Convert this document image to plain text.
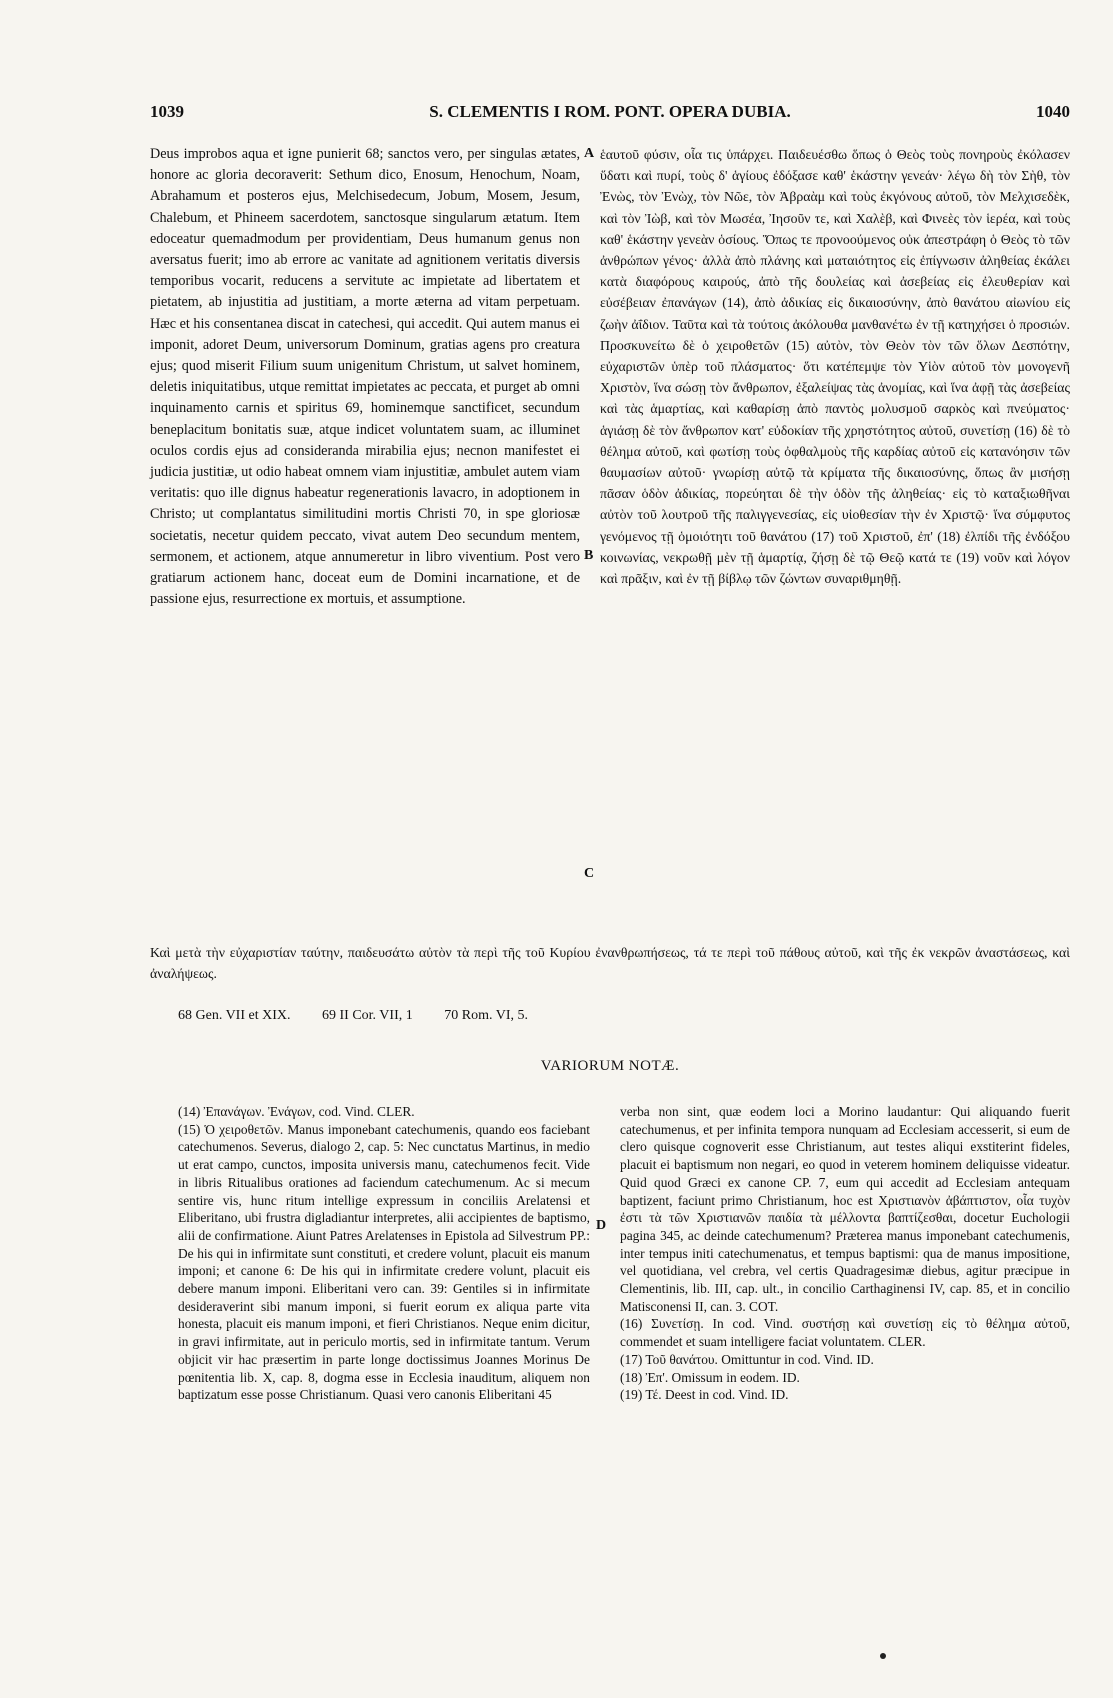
1039	S. CLEMENTIS I ROM. PONT. OPERA DUBIA.	1040

Deus improbos aqua et igne punierit 68; sanctos vero, per singulas ætates, honore ac gloria decoraverit: Sethum dico, Enosum, Henochum, Noam, Abrahamum et posteros ejus, Melchisedecum, Jobum, Mosem, Jesum, Chalebum, et Phineem sacerdotem, sanctosque singularum ætatum. Item edoceatur quemadmodum per providentiam, Deus humanum genus non aversatus fuerit; imo ab errore ac vanitate ad agnitionem veritatis diversis temporibus vocarit, reducens a servitute ac impietate ad libertatem et pietatem, ab injustitia ad justitiam, a morte æterna ad vitam perpetuam. Hæc et his consentanea discat in catechesi, qui accedit. Qui autem manus ei imponit, adoret Deum, universorum Dominum, gratias agens pro creatura ejus; quod miserit Filium suum unigenitum Christum, ut salvet hominem, deletis iniquitatibus, utque remittat impietates ac peccata, et purget ab omni inquinamento carnis et spiritus 69, hominemque sanctificet, secundum beneplacitum bonitatis suæ, atque indicet voluntatem suam, ac illuminet oculos cordis ejus ad consideranda mirabilia ejus; necnon manifestet ei judicia justitiæ, ut odio habeat omnem viam injustitiæ, ambulet autem viam veritatis: quo ille dignus habeatur regenerationis lavacro, in adoptionem in Christo; ut complantatus similitudini mortis Christi 70, in spe gloriosæ societatis, necetur quidem peccato, vivat autem Deo secundum mentem, sermonem, et actionem, atque annumeretur in libro viventium. Post vero gratiarum actionem hanc, doceat eum de Domini incarnatione, et de passione ejus, resurrectione ex mortuis, et assumptione.

A
B
C
D

ἑαυτοῦ φύσιν, οἷα τις ὑπάρχει. Παιδευέσθω ὅπως ὁ Θεὸς τοὺς πονηροὺς ἐκόλασεν ὕδατι καὶ πυρί, τοὺς δ' ἁγίους ἐδόξασε καθ' ἑκάστην γενεάν· λέγω δὴ τὸν Σὴθ, τὸν Ἐνὼς, τὸν Ἐνὼχ, τὸν Νῶε, τὸν Ἀβραὰμ καὶ τοὺς ἐκγόνους αὐτοῦ, τὸν Μελχισεδὲκ, καὶ τὸν Ἰὼβ, καὶ τὸν Μωσέα, Ἰησοῦν τε, καὶ Χαλὲβ, καὶ Φινεὲς τὸν ἱερέα, καὶ τοὺς καθ' ἑκάστην γενεὰν ὁσίους. Ὅπως τε προνοούμενος οὐκ ἀπεστράφη ὁ Θεὸς τὸ τῶν ἀνθρώπων γένος· ἀλλὰ ἀπὸ πλάνης καὶ ματαιότητος εἰς ἐπίγνωσιν ἀληθείας ἐκάλει κατὰ διαφόρους καιρούς, ἀπὸ τῆς δουλείας καὶ ἀσεβείας εἰς ἐλευθερίαν καὶ εὐσέβειαν ἐπανάγων (14), ἀπὸ ἀδικίας εἰς δικαιοσύνην, ἀπὸ θανάτου αἰωνίου εἰς ζωὴν ἀΐδιον. Ταῦτα καὶ τὰ τούτοις ἀκόλουθα μανθανέτω ἐν τῇ κατηχήσει ὁ προσιών. Προσκυνείτω δὲ ὁ χειροθετῶν (15) αὐτὸν, τὸν Θεὸν τὸν τῶν ὅλων Δεσπότην, εὐχαριστῶν ὑπὲρ τοῦ πλάσματος· ὅτι κατέπεμψε τὸν Υἱὸν αὐτοῦ τὸν μονογενῆ Χριστὸν, ἵνα σώσῃ τὸν ἄνθρωπον, ἐξαλείψας τὰς ἀνομίας, καὶ ἵνα ἀφῇ τὰς ἀσεβείας καὶ τὰς ἁμαρτίας, καὶ καθαρίσῃ ἀπὸ παντὸς μολυσμοῦ σαρκὸς καὶ πνεύματος· ἁγιάσῃ δὲ τὸν ἄνθρωπον κατ' εὐδοκίαν τῆς χρηστότητος αὐτοῦ, συνετίσῃ (16) δὲ τὸ θέλημα αὐτοῦ, καὶ φωτίσῃ τοὺς ὀφθαλμοὺς τῆς καρδίας αὐτοῦ εἰς κατανόησιν τῶν θαυμασίων αὐτοῦ· γνωρίσῃ αὐτῷ τὰ κρίματα τῆς δικαιοσύνης, ὅπως ἂν μισήσῃ πᾶσαν ὁδὸν ἀδικίας, πορεύηται δὲ τὴν ὁδὸν τῆς ἀληθείας· εἰς τὸ καταξιωθῆναι αὐτὸν τοῦ λουτροῦ τῆς παλιγγενεσίας, εἰς υἱοθεσίαν τὴν ἐν Χριστῷ· ἵνα σύμφυτος γενόμενος τῇ ὁμοιότητι τοῦ θανάτου (17) τοῦ Χριστοῦ, ἐπ' (18) ἐλπίδι τῆς ἐνδόξου κοινωνίας, νεκρωθῇ μὲν τῇ ἁμαρτίᾳ, ζήσῃ δὲ τῷ Θεῷ κατά τε (19) νοῦν καὶ λόγον καὶ πρᾶξιν, καὶ ἐν τῇ βίβλῳ τῶν ζώντων συναριθμηθῇ.

Καὶ μετὰ τὴν εὐχαριστίαν ταύτην, παιδευσάτω αὐτὸν τὰ περὶ τῆς τοῦ Κυρίου ἐνανθρωπήσεως, τά τε περὶ τοῦ πάθους αὐτοῦ, καὶ τῆς ἐκ νεκρῶν ἀναστάσεως, καὶ ἀναλήψεως.
68 Gen. VII et XIX. 69 II Cor. VII, 1 70 Rom. VI, 5.
VARIORUM NOTÆ.

(14) Ἐπανάγων. Ἐνάγων, cod. Vind. CLER.

(15) Ὁ χειροθετῶν. Manus imponebant catechumenis, quando eos faciebant catechumenos. Severus, dialogo 2, cap. 5: Nec cunctatus Martinus, in medio ut erat campo, cunctos, imposita universis manu, catechumenos fecit. Vide in libris Ritualibus orationes ad faciendum catechumenum. Ac si mecum sentire vis, hunc ritum intellige expressum in conciliis Arelatensi et Eliberitano, ubi frustra digladiantur interpretes, alii accipientes de baptismo, alii de confirmatione. Aiunt Patres Arelatenses in Epistola ad Silvestrum PP.: De his qui in infirmitate sunt constituti, et credere volunt, placuit eis manum imponi; et canone 6: De his qui in infirmitate credere volunt, placuit eis debere manum imponi. Eliberitani vero can. 39: Gentiles si in infirmitate desideraverint sibi manum imponi, si fuerit eorum ex aliqua parte vita honesta, placuit eis manum imponi, et fieri Christianos. Neque enim dicitur, in gravi infirmitate, aut in periculo mortis, sed in infirmitate tantum. Verum objicit vir hac præsertim in parte longe doctissimus Joannes Morinus De pœnitentia lib. X, cap. 8, dogma esse in Ecclesia inauditum, aliquem non baptizatum esse posse Christianum. Quasi vero canonis Eliberitani 45

verba non sint, quæ eodem loci a Morino laudantur: Qui aliquando fuerit catechumenus, et per infinita tempora nunquam ad Ecclesiam accesserit, si eum de clero quisque cognoverit esse Christianum, aut testes aliqui exstiterint fideles, placuit ei baptismum non negari, eo quod in veterem hominem deliquisse videatur. Quid quod Græci ex canone CP. 7, eum qui accedit ad Ecclesiam antequam baptizent, faciunt primo Christianum, hoc est Χριστιανὸν ἀβάπτιστον, οἷα τυχὸν ἐστι τὰ τῶν Χριστιανῶν παιδία τὰ μέλλοντα βαπτίζεσθαι, docetur Euchologii pagina 345, ac deinde catechumenum? Præterea manus imponebant catechumenis, inter tempus initi catechumenatus, et tempus baptismi: qua de manus impositione, vel quotidiana, vel crebra, vel certis Quadragesimæ diebus, agitur præcipue in Clementinis, lib. III, cap. ult., in concilio Carthaginensi IV, cap. 85, et in concilio Matisconensi II, can. 3. COT.

(16) Συνετίσῃ. In cod. Vind. συστήσῃ καὶ συνετίσῃ εἰς τὸ θέλημα αὐτοῦ, commendet et suam intelligere faciat voluntatem. CLER.

(17) Τοῦ θανάτου. Omittuntur in cod. Vind. ID.

(18) Ἐπ'. Omissum in eodem. ID.

(19) Τέ. Deest in cod. Vind. ID.
